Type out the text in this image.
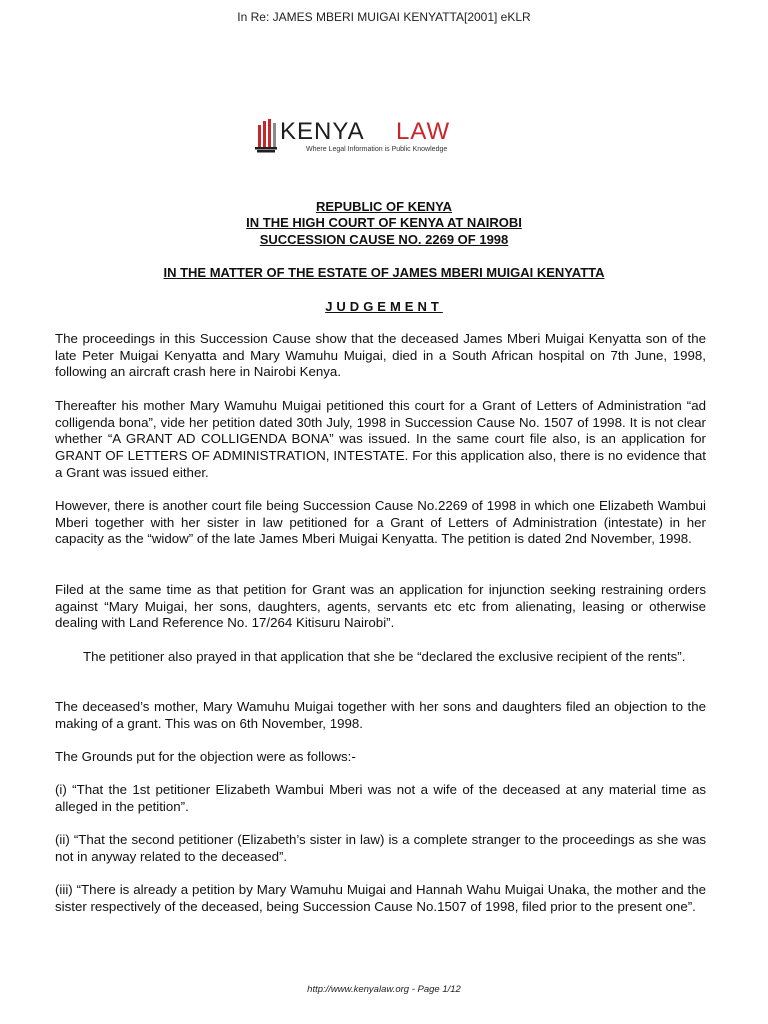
In Re: JAMES MBERI MUIGAI KENYATTA[2001] eKLR
KENYA LAW
Where Legal Information is Public Knowledge
REPUBLIC OF KENYA
IN THE HIGH COURT OF KENYA AT NAIROBI
SUCCESSION CAUSE NO. 2269 OF 1998
IN THE MATTER OF THE ESTATE OF JAMES MBERI MUIGAI KENYATTA
JUDGEMENT

The proceedings in this Succession Cause show that the deceased James Mberi Muigai Kenyatta son of the late Peter Muigai Kenyatta and Mary Wamuhu Muigai, died in a South African hospital on 7th June, 1998, following an aircraft crash here in Nairobi Kenya.

Thereafter his mother Mary Wamuhu Muigai petitioned this court for a Grant of Letters of Administration “ad colligenda bona”, vide her petition dated 30th July, 1998 in Succession Cause No. 1507 of 1998. It is not clear whether “A GRANT AD COLLIGENDA BONA” was issued. In the same court file also, is an application for GRANT OF LETTERS OF ADMINISTRATION, INTESTATE. For this application also, there is no evidence that a Grant was issued either.

However, there is another court file being Succession Cause No.2269 of 1998 in which one Elizabeth Wambui Mberi together with her sister in law petitioned for a Grant of Letters of Administration (intestate) in her capacity as the “widow” of the late James Mberi Muigai Kenyatta. The petition is dated 2nd November, 1998.

Filed at the same time as that petition for Grant was an application for injunction seeking restraining orders against “Mary Muigai, her sons, daughters, agents, servants etc etc from alienating, leasing or otherwise dealing with Land Reference No. 17/264 Kitisuru Nairobi”.

The petitioner also prayed in that application that she be “declared the exclusive recipient of the rents”.

The deceased’s mother, Mary Wamuhu Muigai together with her sons and daughters filed an objection to the making of a grant. This was on 6th November, 1998.

The Grounds put for the objection were as follows:-

(i) “That the 1st petitioner Elizabeth Wambui Mberi was not a wife of the deceased at any material time as alleged in the petition”.

(ii) “That the second petitioner (Elizabeth’s sister in law) is a complete stranger to the proceedings as she was not in anyway related to the deceased”.

(iii) “There is already a petition by Mary Wamuhu Muigai and Hannah Wahu Muigai Unaka, the mother and the sister respectively of the deceased, being Succession Cause No.1507 of 1998, filed prior to the present one”.

http://www.kenyalaw.org - Page 1/12
